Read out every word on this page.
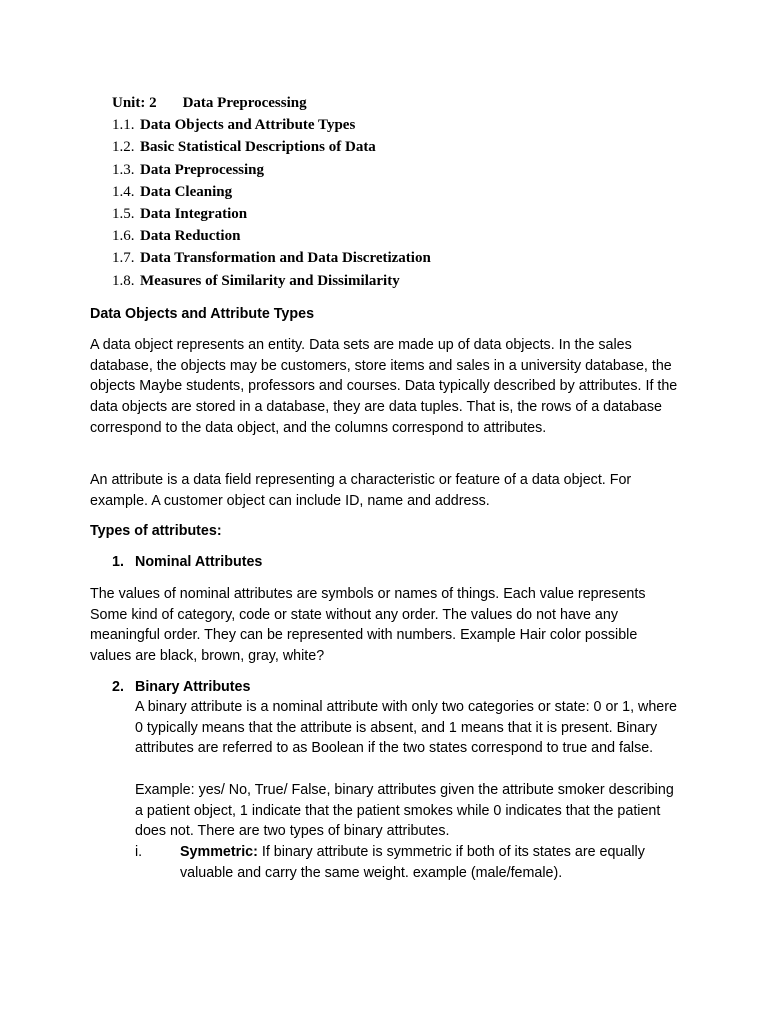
Unit: 2 Data Preprocessing
1.1. Data Objects and Attribute Types
1.2. Basic Statistical Descriptions of Data
1.3. Data Preprocessing
1.4. Data Cleaning
1.5. Data Integration
1.6. Data Reduction
1.7. Data Transformation and Data Discretization
1.8. Measures of Similarity and Dissimilarity
Data Objects and Attribute Types

A data object represents an entity. Data sets are made up of data objects. In the sales database, the objects may be customers, store items and sales in a university database, the objects Maybe students, professors and courses. Data typically described by attributes. If the data objects are stored in a database, they are data tuples. That is, the rows of a database correspond to the data object, and the columns correspond to attributes.

An attribute is a data field representing a characteristic or feature of a data object. For example. A customer object can include ID, name and address.

Types of attributes:
1. Nominal Attributes

The values of nominal attributes are symbols or names of things. Each value represents Some kind of category, code or state without any order. The values do not have any meaningful order. They can be represented with numbers. Example Hair color possible values are black, brown, gray, white?

2. Binary Attributes

A binary attribute is a nominal attribute with only two categories or state: 0 or 1, where 0 typically means that the attribute is absent, and 1 means that it is present. Binary attributes are referred to as Boolean if the two states correspond to true and false.

Example: yes/ No, True/ False, binary attributes given the attribute smoker describing a patient object, 1 indicate that the patient smokes while 0 indicates that the patient does not. There are two types of binary attributes.

i.	Symmetric: If binary attribute is symmetric if both of its states are equally valuable and carry the same weight. example (male/female).
